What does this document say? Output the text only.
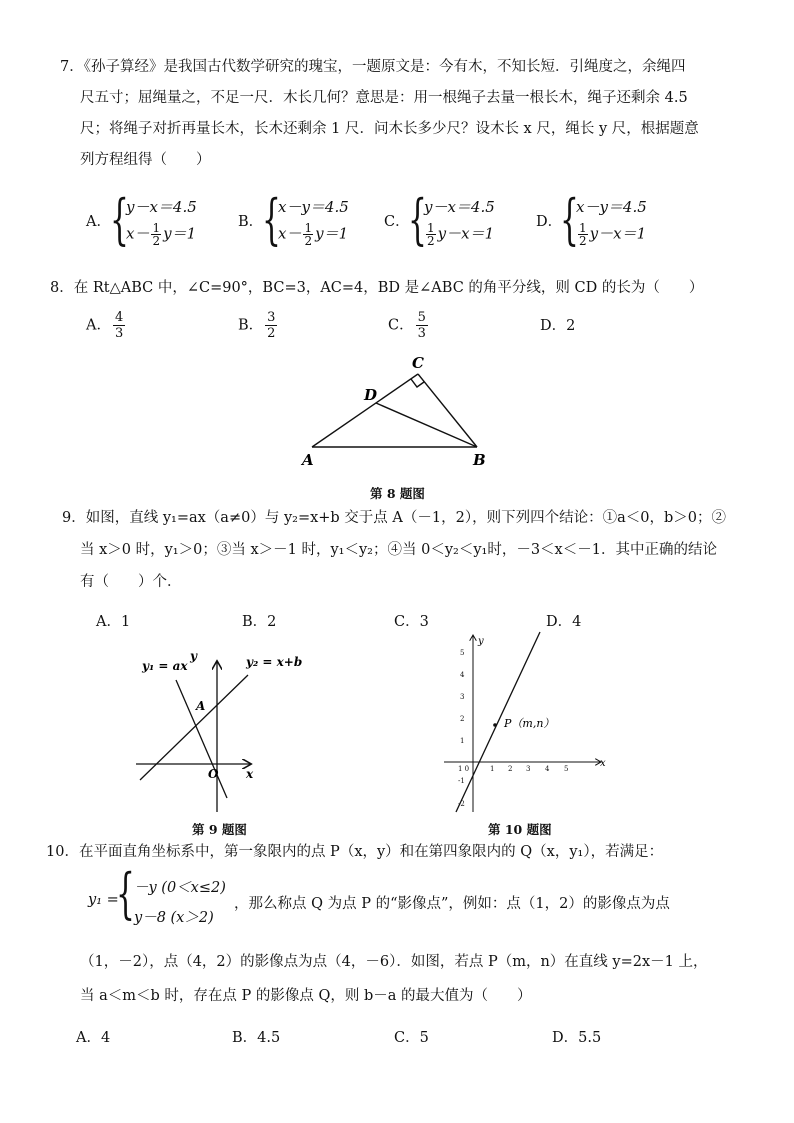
7．《孙子算经》是我国古代数学研究的瑰宝，一题原文是：今有木，不知长短．引绳度之，余绳四
尺五寸；屈绳量之，不足一尺．木长几何？意思是：用一根绳子去量一根长木，绳子还剩余 4.5
尺；将绳子对折再量长木，长木还剩余 1 尺．问木长多少尺？设木长 x 尺，绳长 y 尺，根据题意
列方程组得（　　）
A． {
y－x＝4.5
$x- \frac{1}{2} y=1$
B．
{
x－y＝4.5
$x- \frac{1}{2} y=1$
C．
{
y－x＝4.5
$\frac{1}{2} y-x=1$
D．
{
x－y＝4.5
$\frac{1}{2} y-x=1$
8．在 Rt△ABC 中，∠C=90°，BC=3，AC=4，BD 是∠ABC 的角平分线，则 CD 的长为（　　）
A． $\frac{4}{3}$	B． $\frac{3}{2}$	C． $\frac{5}{3}$	D．2
C
D
A	B
第 8 题图
9．如图，直线 y₁=ax（a≠0）与 y₂=x+b 交于点 A（－1，2），则下列四个结论：①a＜0，b＞0；②
当 x＞0 时，y₁＞0；③当 x＞－1 时，y₁＜y₂；④当 0＜y₂＜y₁时，－3＜x＜－1．其中正确的结论
有（　　）个．
A．1	B．2	C．3	D．4
y₁ = ax	y₂ = x+b
A
O x
y
第 9 题图
1 2 3 4 5
5
4
3
2
1
-1
-2
1 0
P（m,n）
x
y
第 10 题图
10．在平面直角坐标系中，第一象限内的点 P（x，y）和在第四象限内的 Q（x，y₁），若满足：
y₁ =
{ －y (0＜x≤2)
y－8 (x＞2)
，那么称点 Q 为点 P 的“影像点”，例如：点（1，2）的影像点为点
（1，－2），点（4，2）的影像点为点（4，－6）．如图，若点 P（m，n）在直线 y=2x－1 上，
当 a＜m＜b 时，存在点 P 的影像点 Q，则 b－a 的最大值为（　　）
A．4	B．4.5	C．5	D．5.5
